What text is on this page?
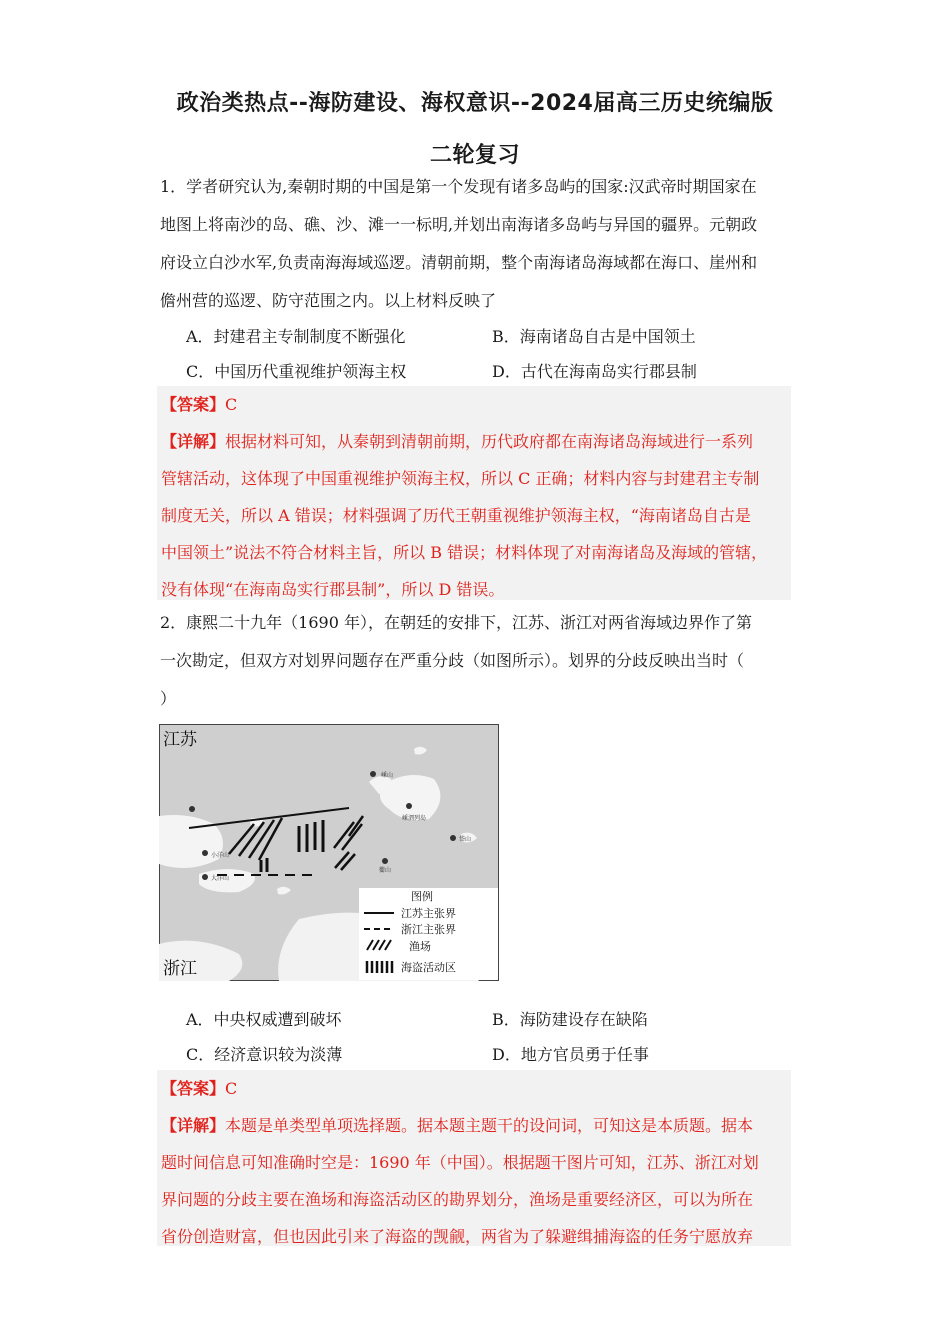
政治类热点--海防建设、海权意识--2024届高三历史统编版
二轮复习
1．学者研究认为,秦朝时期的中国是第一个发现有诸多岛屿的国家:汉武帝时期国家在
地图上将南沙的岛、礁、沙、滩一一标明,并划出南海诸多岛屿与异国的疆界。元朝政
府设立白沙水军,负责南海海域巡逻。清朝前期，整个南海诸岛海域都在海口、崖州和
儋州营的巡逻、防守范围之内。以上材料反映了
A．封建君主专制制度不断强化	B．海南诸岛自古是中国领土
C．中国历代重视维护领海主权	D．古代在海南岛实行郡县制
【答案】C
【详解】根据材料可知，从秦朝到清朝前期，历代政府都在南海诸岛海域进行一系列
管辖活动，这体现了中国重视维护领海主权，所以 C 正确；材料内容与封建君主专制
制度无关，所以 A 错误；材料强调了历代王朝重视维护领海主权，“海南诸岛自古是
中国领土”说法不符合材料主旨，所以 B 错误；材料体现了对南海诸岛及海域的管辖，
没有体现“在海南岛实行郡县制”，所以 D 错误。
2．康熙二十九年（1690 年），在朝廷的安排下，江苏、浙江对两省海域边界作了第
一次勘定，但双方对划界问题存在严重分歧（如图所示）。划界的分歧反映出当时（
）
嵊山
嵊泗列岛
小洋山
大洋山
岱山
衢山
江苏
浙江
图例
江苏主张界
浙江主张界
渔场
海盗活动区
A．中央权威遭到破坏	B．海防建设存在缺陷
C．经济意识较为淡薄	D．地方官员勇于任事
【答案】C
【详解】本题是单类型单项选择题。据本题主题干的设问词，可知这是本质题。据本
题时间信息可知准确时空是：1690 年（中国）。根据题干图片可知，江苏、浙江对划
界问题的分歧主要在渔场和海盗活动区的勘界划分，渔场是重要经济区，可以为所在
省份创造财富，但也因此引来了海盗的觊觎，两省为了躲避缉捕海盗的任务宁愿放弃
